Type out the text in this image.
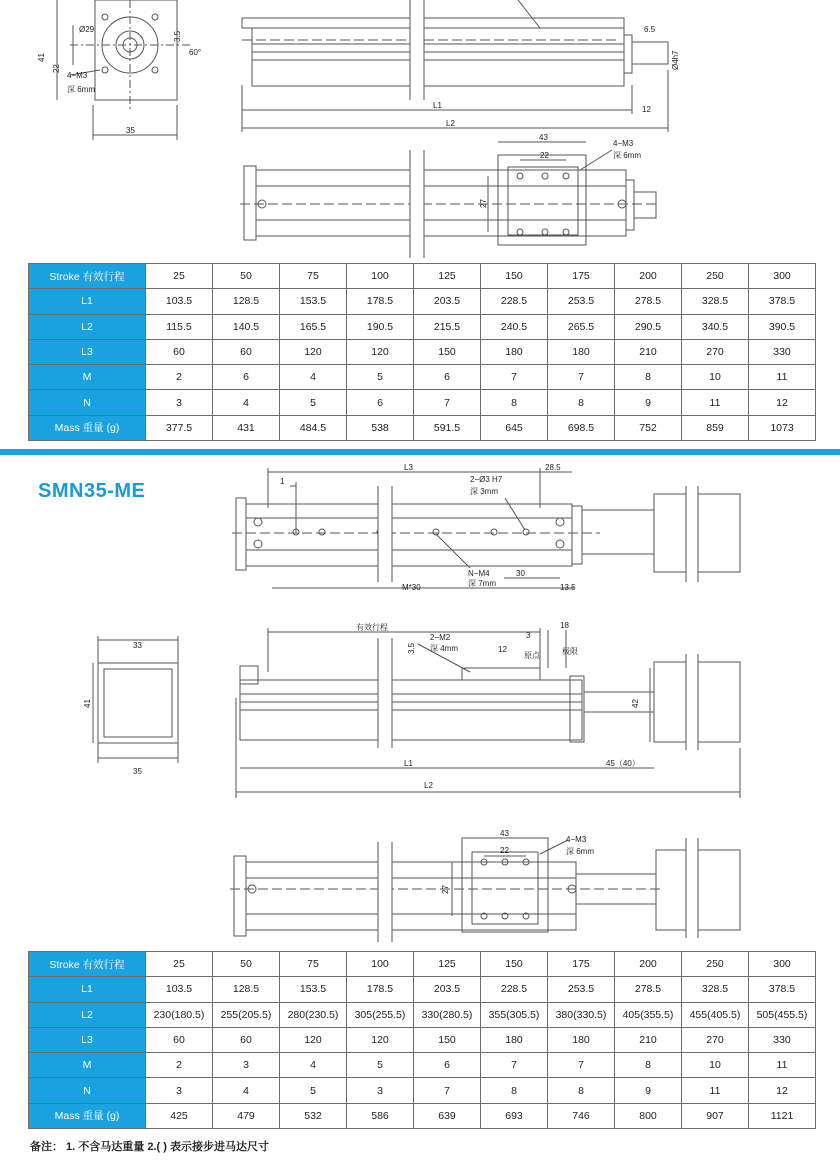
Ø29
3.5
60°
41
22
4−M3
深 6mm
35
6.5
Ø4h7
L1	12
L2
43
22
4−M3
深 6mm
27
Stroke 有效行程	25	50	75	100	125	150	175	200	250	300
L1	103.5	128.5	153.5	178.5	203.5	228.5	253.5	278.5	328.5	378.5
L2	115.5	140.5	165.5	190.5	215.5	240.5	265.5	290.5	340.5	390.5
L3	60	60	120	120	150	180	180	210	270	330
M	2	6	4	5	6	7	7	8	10	11
N	3	4	5	6	7	8	8	9	11	12
Mass 重量 (g)	377.5	431	484.5	538	591.5	645	698.5	752	859	1073
SMN35-ME
L3	28.5
1	2−Ø3 H7
深 3mm
N−M4
深 7mm
30
M*30	13.5
有效行程
2−M2
深 4mm
3.5
3
18
12
原点	极限
33
41
35
42
L1	45（40）
L2
43
22
4−M3
深 6mm
27
Stroke 有效行程	25	50	75	100	125	150	175	200	250	300
L1	103.5	128.5	153.5	178.5	203.5	228.5	253.5	278.5	328.5	378.5
L2	230(180.5)	255(205.5)	280(230.5)	305(255.5)	330(280.5)	355(305.5)	380(330.5)	405(355.5)	455(405.5)	505(455.5)
L3	60	60	120	120	150	180	180	210	270	330
M	2	3	4	5	6	7	7	8	10	11
N	3	4	5	3	7	8	8	9	11	12
Mass 重量 (g)	425	479	532	586	639	693	746	800	907	1121
备注： 1. 不含马达重量 2.( ) 表示接步进马达尺寸
